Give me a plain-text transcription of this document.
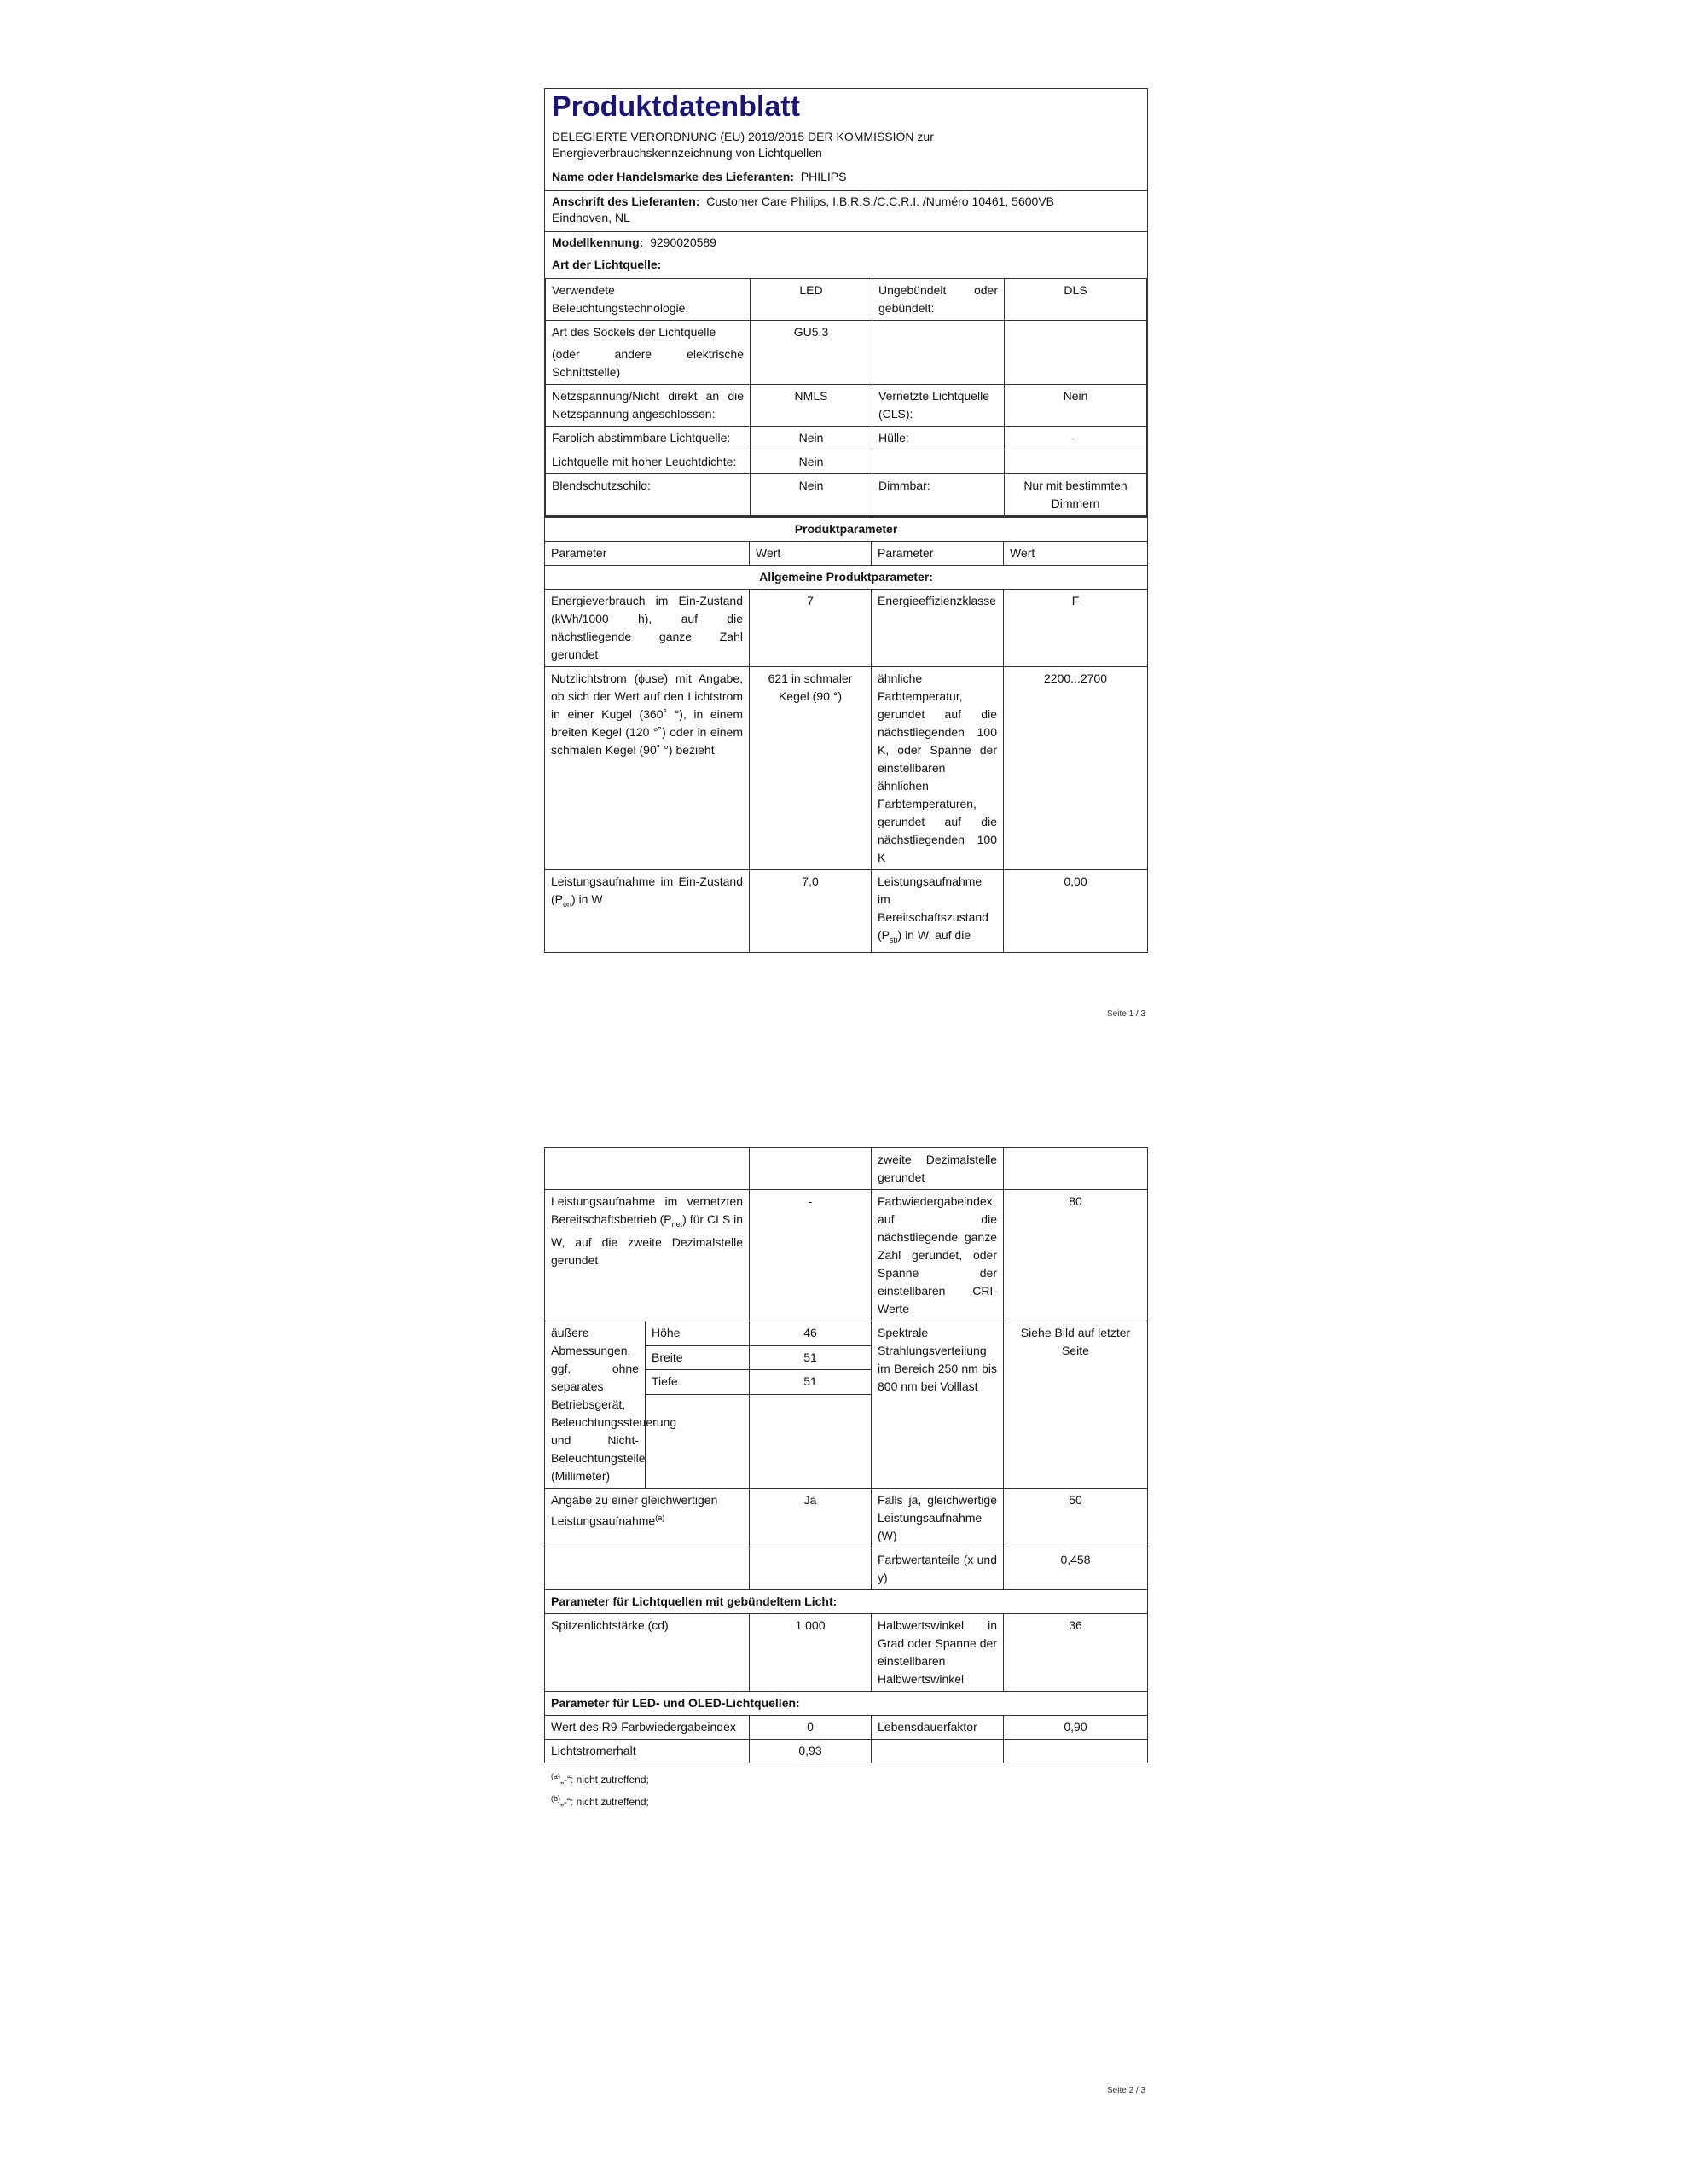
Produktdatenblatt
DELEGIERTE VERORDNUNG (EU) 2019/2015 DER KOMMISSION zur
Energieverbrauchskennzeichnung von Lichtquellen
Name oder Handelsmarke des Lieferanten: PHILIPS
Anschrift des Lieferanten: Customer Care Philips, I.B.R.S./C.C.R.I. /Numéro 10461, 5600VB
Eindhoven, NL
Modellkennung: 9290020589
Art der Lichtquelle:
Verwendete Beleuchtungstechnologie:	LED	Ungebündelt oder gebündelt:	DLS

Art des Sockels der Lichtquelle
(oder andere elektrische Schnittstelle)	GU5.3		
Netzspannung/Nicht direkt an die Netzspannung angeschlossen:	NMLS	Vernetzte Lichtquelle (CLS):	Nein
Farblich abstimmbare Lichtquelle:	Nein	Hülle:	-
Lichtquelle mit hoher Leuchtdichte:	Nein		
Blendschutzschild:	Nein	Dimmbar:	Nur mit bestimmten Dimmern
Produktparameter			
Parameter	Wert	Parameter	Wert
Allgemeine Produktparameter:			
Energieverbrauch im Ein-Zustand (kWh/1000 h), auf die nächstliegende ganze Zahl gerundet	7	Energieeffizienzklasse	F
Nutzlichtstrom (ɸuse) mit Angabe, ob sich der Wert auf den Lichtstrom in einer Kugel (360˚ °), in einem breiten Kegel (120 °˚) oder in einem schmalen Kegel (90˚ °) bezieht	621 in schmaler Kegel (90 °)	ähnliche Farbtemperatur, gerundet auf die nächstliegenden 100 K, oder Spanne der einstellbaren ähnlichen Farbtemperaturen, gerundet auf die nächstliegenden 100 K	2200...2700
Leistungsaufnahme im Ein-Zustand $(P_{on})$ in W	7,0	Leistungsaufnahme im Bereitschaftszustand $(P_{sb})$ in W, auf die	0,00
Seite 1 / 3
			zweite Dezimalstelle gerundet	
Leistungsaufnahme im vernetzten Bereitschaftsbetrieb $(P_{net})$ für CLS in W, auf die zweite Dezimalstelle gerundet		-	Farbwiedergabeindex, auf die nächstliegende ganze Zahl gerundet, oder Spanne der einstellbaren CRI-Werte	80
äußere Abmessungen, ggf. ohne separates Betriebsgerät, Beleuchtungssteuerung und Nicht-Beleuchtungsteile (Millimeter)	Höhe	46	Spektrale Strahlungsverteilung im Bereich 250 nm bis 800 nm bei Volllast	Siehe Bild auf letzter Seite
	Breite	51		
	Tiefe	51		

Angabe zu einer gleichwertigen Leistungsaufnahme$^{(a)}$		Ja	Falls ja, gleichwertige Leistungsaufnahme (W)	50
			Farbwertanteile (x und y)	0,458
Parameter für Lichtquellen mit gebündeltem Licht:				
Spitzenlichtstärke (cd)		1 000	Halbwertswinkel in Grad oder Spanne der einstellbaren Halbwertswinkel	36
Parameter für LED- und OLED-Lichtquellen:				
Wert des R9-Farbwiedergabeindex		0	Lebensdauerfaktor	0,90
Lichtstromerhalt		0,93		
$^{(a)}$„-“: nicht zutreffend;
$^{(b)}$„-“: nicht zutreffend;
Seite 2 / 3
